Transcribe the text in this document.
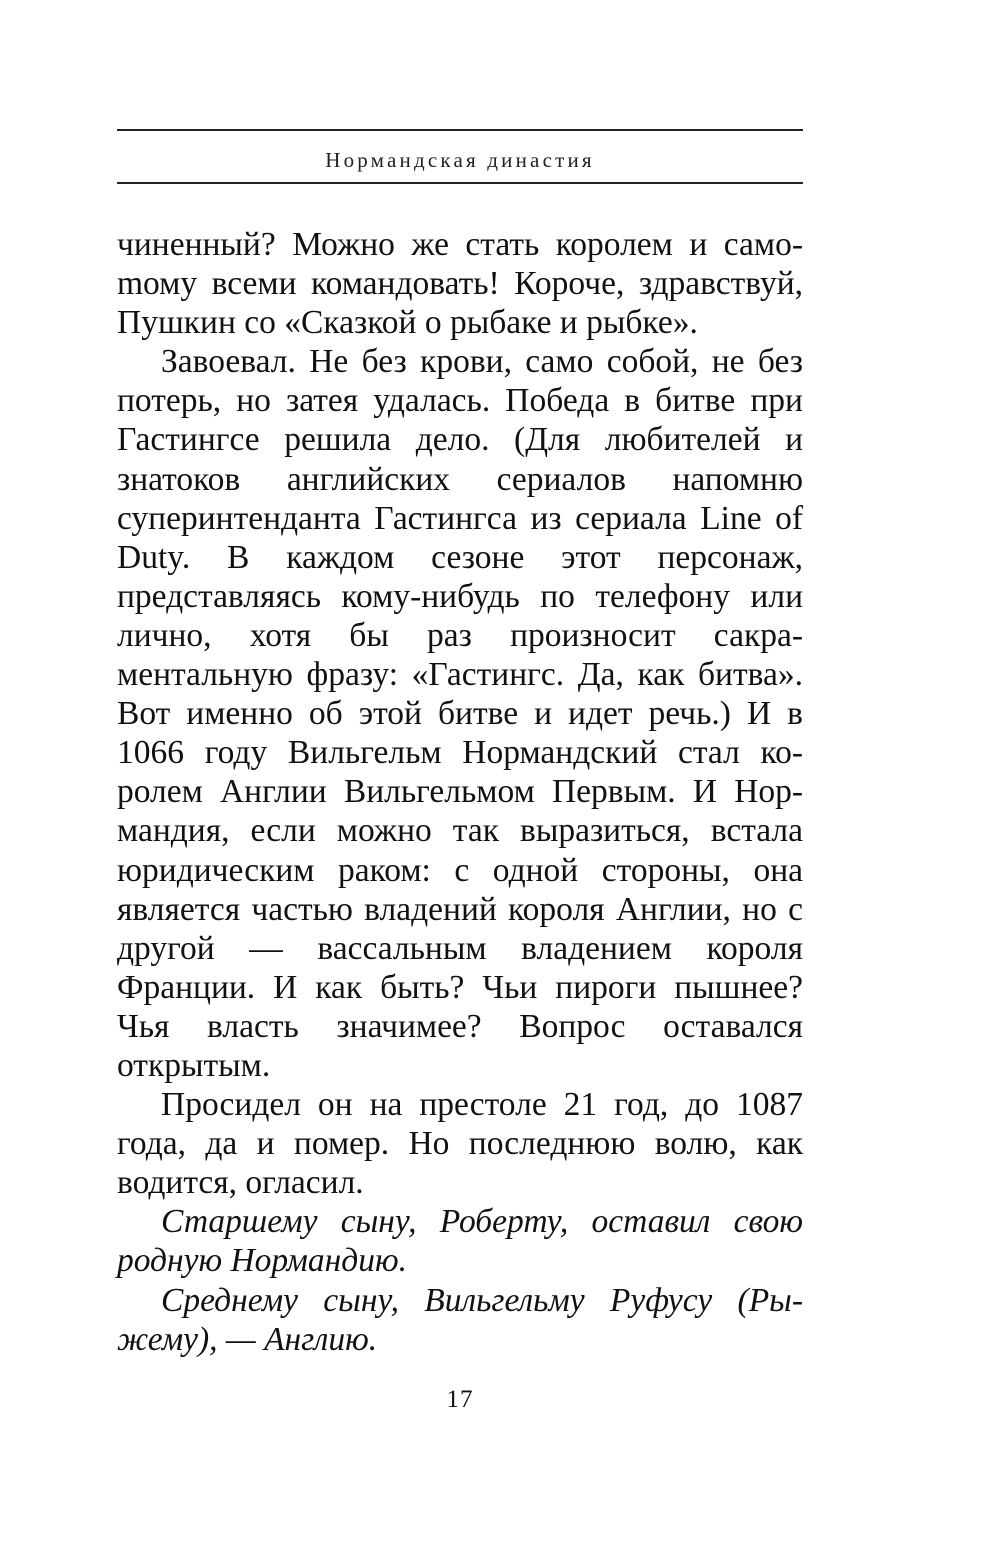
Нормандская династия

чиненный? Можно же стать королем и самоmому всеми командовать! Короче, здравствуй, Пушкин со «Сказкой о рыбаке и рыбке».

Завоевал. Не без крови, само собой, не без потерь, но затея удалась. Победа в битве при Гастингсе решила дело. (Для любителей и знатоков английских сериалов напомню суперинтенданта Гастингса из сериала Line of Duty. В каждом сезоне этот персонаж, представляясь кому-нибудь по телефону или лично, хотя бы раз произносит сакраментальную фразу: «Гастингс. Да, как битва». Вот именно об этой битве и идет речь.) И в 1066 году Вильгельм Нормандский стал королем Англии Вильгельмом Первым. И Нормандия, если можно так выразиться, встала юридическим раком: с одной стороны, она является частью владений короля Англии, но с другой — вассальным владением короля Франции. И как быть? Чьи пироги пышнее? Чья власть значимее? Вопрос оставался открытым.

Просидел он на престоле 21 год, до 1087 года, да и помер. Но последнюю волю, как водится, огласил.

Старшему сыну, Роберту, оставил свою родную Нормандию.

Среднему сыну, Вильгельму Руфусу (Рыжему), — Англию.

17
